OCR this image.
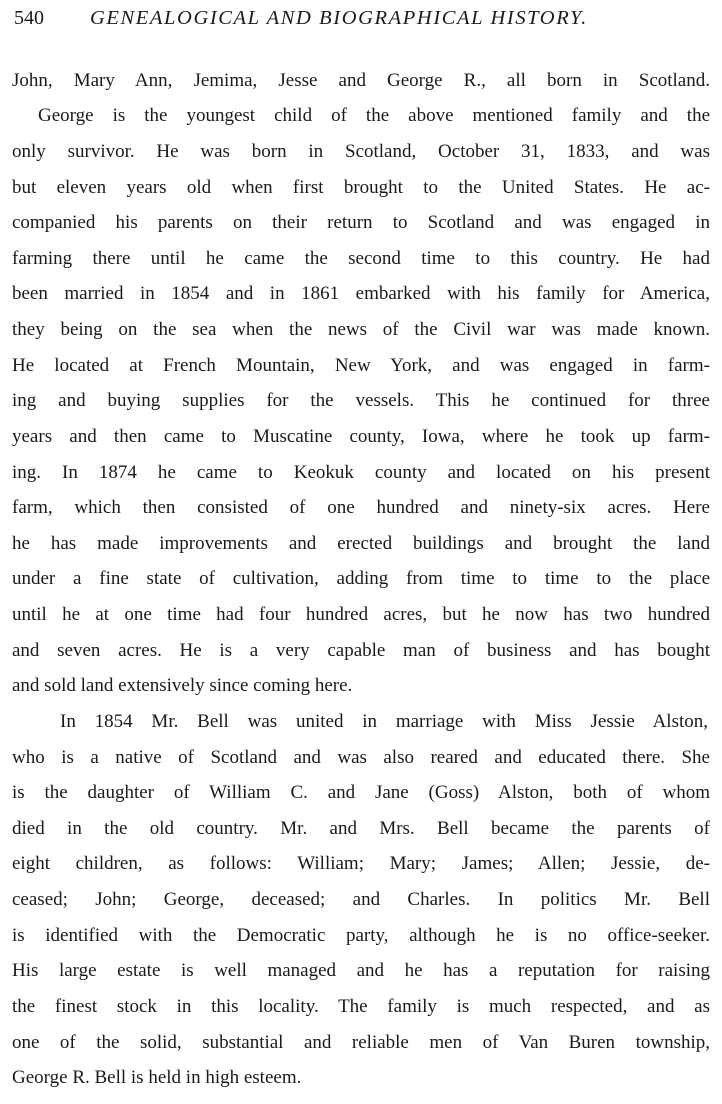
540 GENEALOGICAL AND BIOGRAPHICAL HISTORY.
John, Mary Ann, Jemima, Jesse and George R., all born in Scotland.
George is the youngest child of the above mentioned family and the
only survivor. He was born in Scotland, October 31, 1833, and was
but eleven years old when first brought to the United States. He ac-
companied his parents on their return to Scotland and was engaged in
farming there until he came the second time to this country. He had
been married in 1854 and in 1861 embarked with his family for America,
they being on the sea when the news of the Civil war was made known.
He located at French Mountain, New York, and was engaged in farm-
ing and buying supplies for the vessels. This he continued for three
years and then came to Muscatine county, Iowa, where he took up farm-
ing. In 1874 he came to Keokuk county and located on his present
farm, which then consisted of one hundred and ninety-six acres. Here
he has made improvements and erected buildings and brought the land
under a fine state of cultivation, adding from time to time to the place
until he at one time had four hundred acres, but he now has two hundred
and seven acres. He is a very capable man of business and has bought
and sold land extensively since coming here.
In 1854 Mr. Bell was united in marriage with Miss Jessie Alston,
who is a native of Scotland and was also reared and educated there. She
is the daughter of William C. and Jane (Goss) Alston, both of whom
died in the old country. Mr. and Mrs. Bell became the parents of
eight children, as follows: William; Mary; James; Allen; Jessie, de-
ceased; John; George, deceased; and Charles. In politics Mr. Bell
is identified with the Democratic party, although he is no office-seeker.
His large estate is well managed and he has a reputation for raising
the finest stock in this locality. The family is much respected, and as
one of the solid, substantial and reliable men of Van Buren township,
George R. Bell is held in high esteem.
